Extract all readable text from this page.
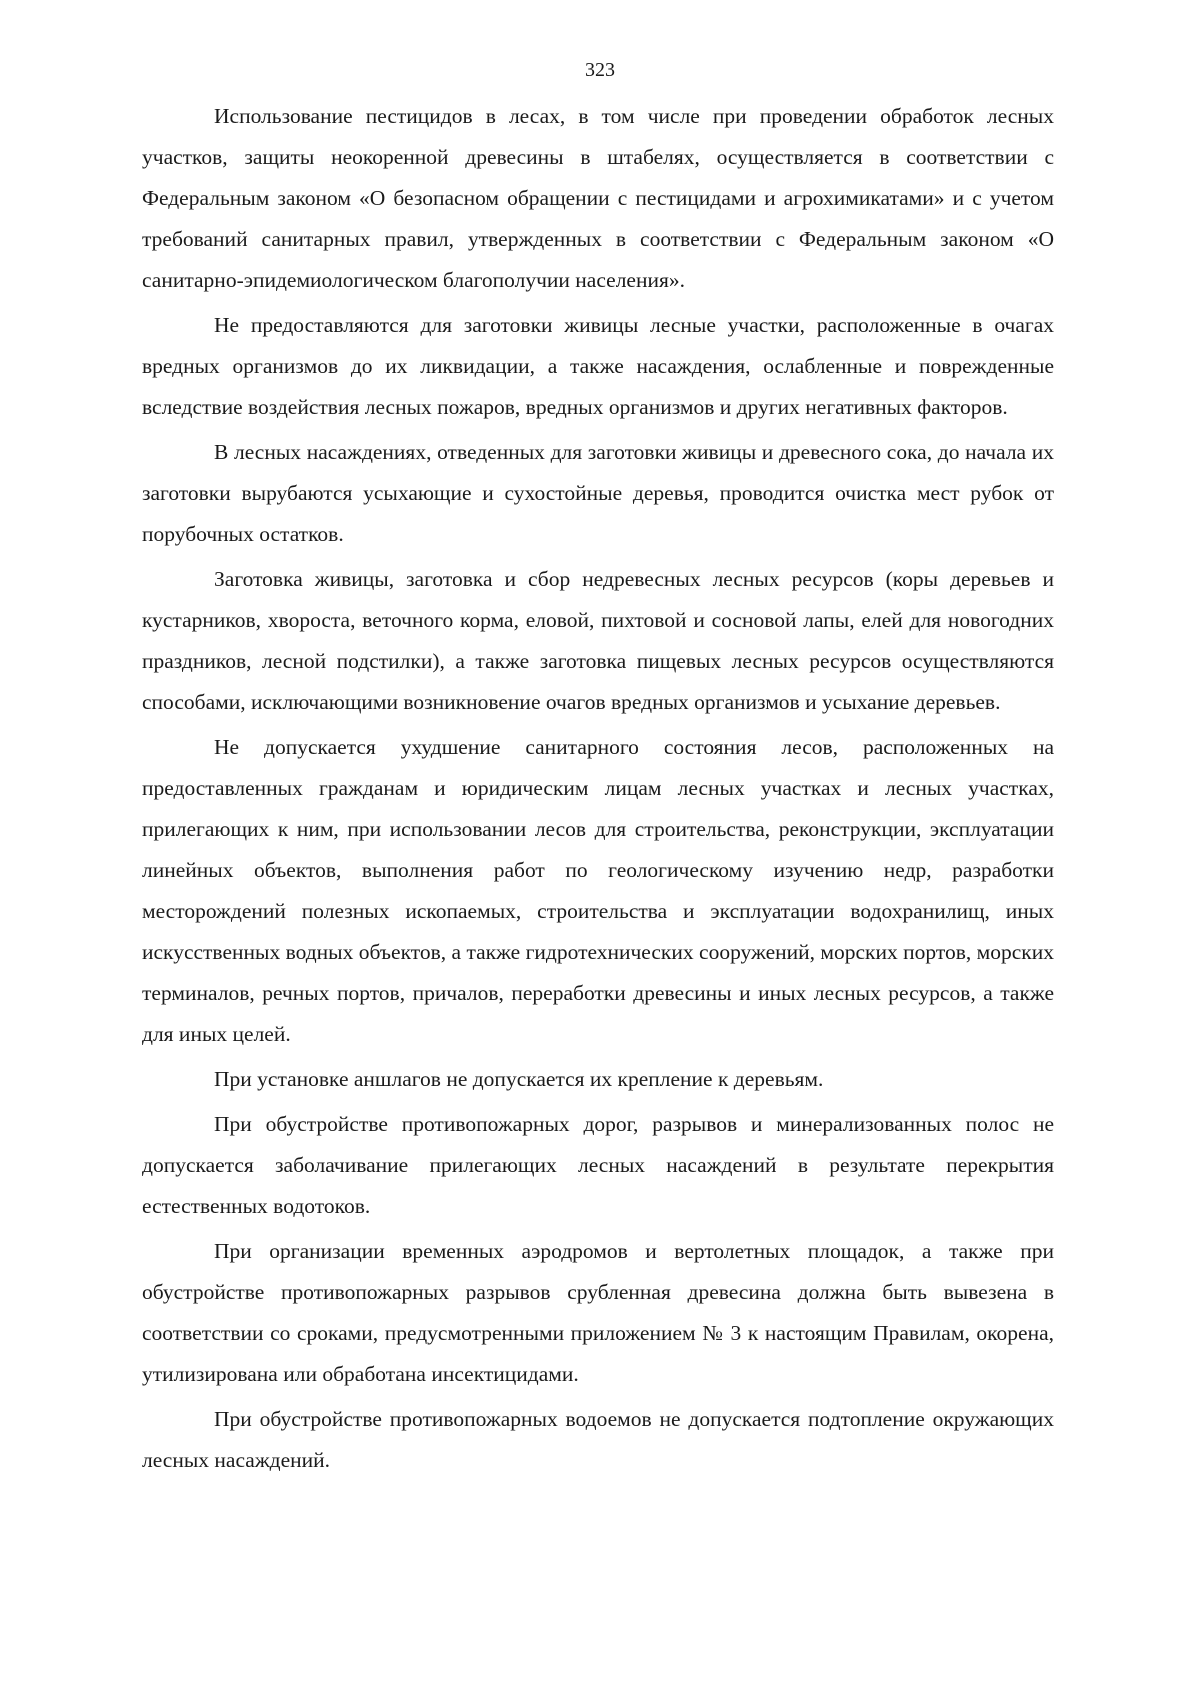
323

Использование пестицидов в лесах, в том числе при проведении обработок лесных участков, защиты неокоренной древесины в штабелях, осуществляется в соответствии с Федеральным законом «О безопасном обращении с пестицидами и агрохимикатами» и с учетом требований санитарных правил, утвержденных в соответствии с Федеральным законом «О санитарно-эпидемиологическом благополучии населения».

Не предоставляются для заготовки живицы лесные участки, расположенные в очагах вредных организмов до их ликвидации, а также насаждения, ослабленные и поврежденные вследствие воздействия лесных пожаров, вредных организмов и других негативных факторов.

В лесных насаждениях, отведенных для заготовки живицы и древесного сока, до начала их заготовки вырубаются усыхающие и сухостойные деревья, проводится очистка мест рубок от порубочных остатков.

Заготовка живицы, заготовка и сбор недревесных лесных ресурсов (коры деревьев и кустарников, хвороста, веточного корма, еловой, пихтовой и сосновой лапы, елей для новогодних праздников, лесной подстилки), а также заготовка пищевых лесных ресурсов осуществляются способами, исключающими возникновение очагов вредных организмов и усыхание деревьев.

Не допускается ухудшение санитарного состояния лесов, расположенных на предоставленных гражданам и юридическим лицам лесных участках и лесных участках, прилегающих к ним, при использовании лесов для строительства, реконструкции, эксплуатации линейных объектов, выполнения работ по геологическому изучению недр, разработки месторождений полезных ископаемых, строительства и эксплуатации водохранилищ, иных искусственных водных объектов, а также гидротехнических сооружений, морских портов, морских терминалов, речных портов, причалов, переработки древесины и иных лесных ресурсов, а также для иных целей.

При установке аншлагов не допускается их крепление к деревьям.

При обустройстве противопожарных дорог, разрывов и минерализованных полос не допускается заболачивание прилегающих лесных насаждений в результате перекрытия естественных водотоков.

При организации временных аэродромов и вертолетных площадок, а также при обустройстве противопожарных разрывов срубленная древесина должна быть вывезена в соответствии со сроками, предусмотренными приложением № 3 к настоящим Правилам, окорена, утилизирована или обработана инсектицидами.

При обустройстве противопожарных водоемов не допускается подтопление окружающих лесных насаждений.
